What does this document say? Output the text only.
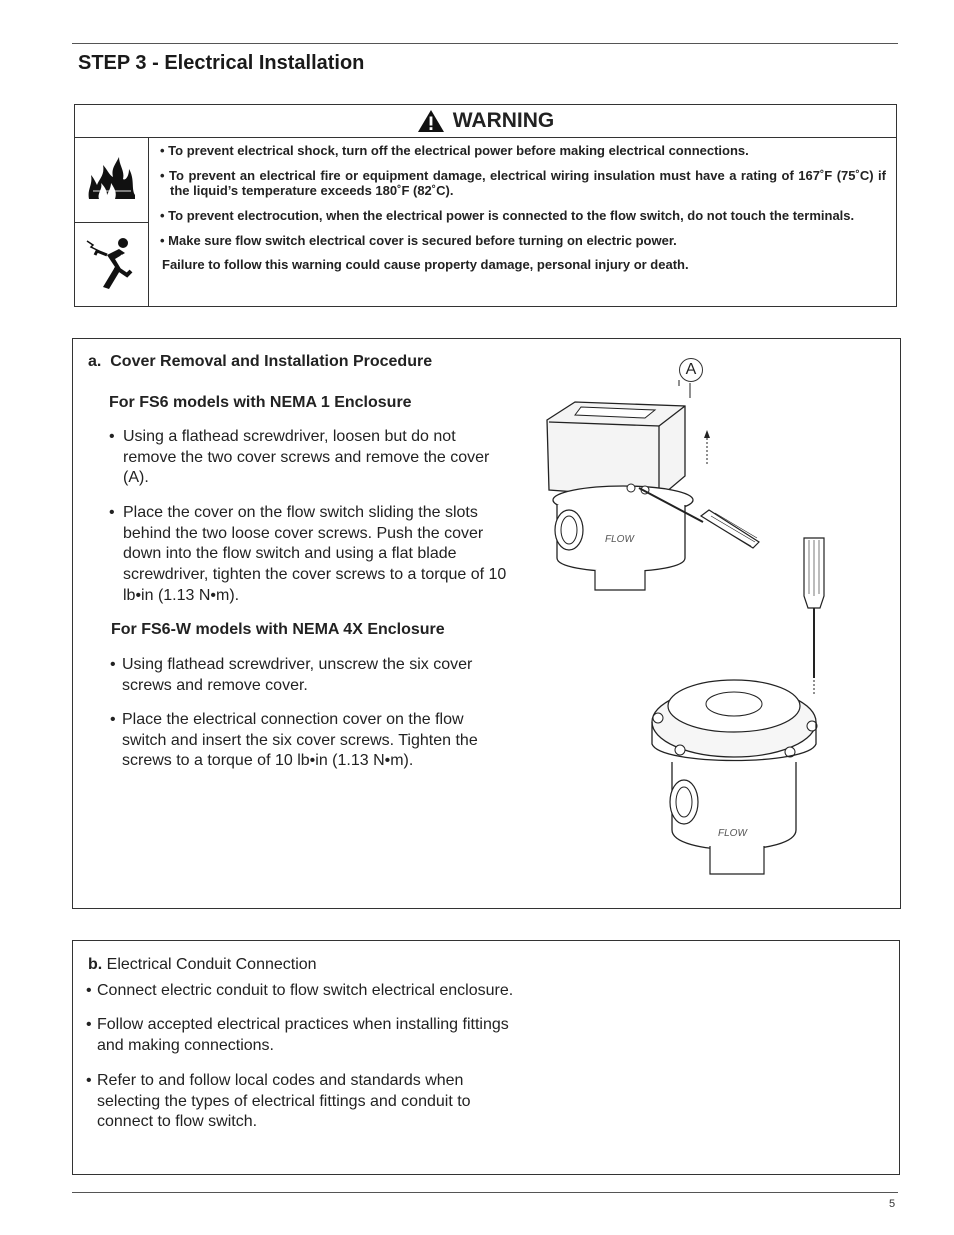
STEP 3 - Electrical Installation
WARNING
• To prevent electrical shock, turn off the electrical power before making electrical connections.
• To prevent an electrical fire or equipment damage, electrical wiring insulation must have a rating of 167˚F (75˚C) if the liquid’s temperature exceeds 180˚F (82˚C).
• To prevent electrocution, when the electrical power is connected to the flow switch, do not touch the terminals.
• Make sure flow switch electrical cover is secured before turning on electric power.
Failure to follow this warning could cause property damage, personal injury or death.
a.  Cover Removal and Installation Procedure
For FS6 models with NEMA 1 Enclosure
• Using a flathead screwdriver, loosen but do not remove the two cover screws and remove the cover (A).
• Place the cover on the flow switch sliding the slots behind the two loose cover screws. Push the cover down into the flow switch and using a flat blade screwdriver, tighten the cover screws to a torque of 10 lb•in (1.13 N•m).
For FS6-W models with NEMA 4X Enclosure
• Using flathead screwdriver, unscrew the six cover screws and remove cover.
• Place the electrical connection cover on the flow switch and insert the six cover screws. Tighten the screws to a torque of 10 lb•in (1.13 N•m).
A
FLOW
FLOW
b. Electrical Conduit Connection
• Connect electric conduit to flow switch electrical enclosure.
• Follow accepted electrical practices when installing fittings and making connections.
• Refer to and follow local codes and standards when selecting the types of electrical fittings and conduit to connect to flow switch.
5
